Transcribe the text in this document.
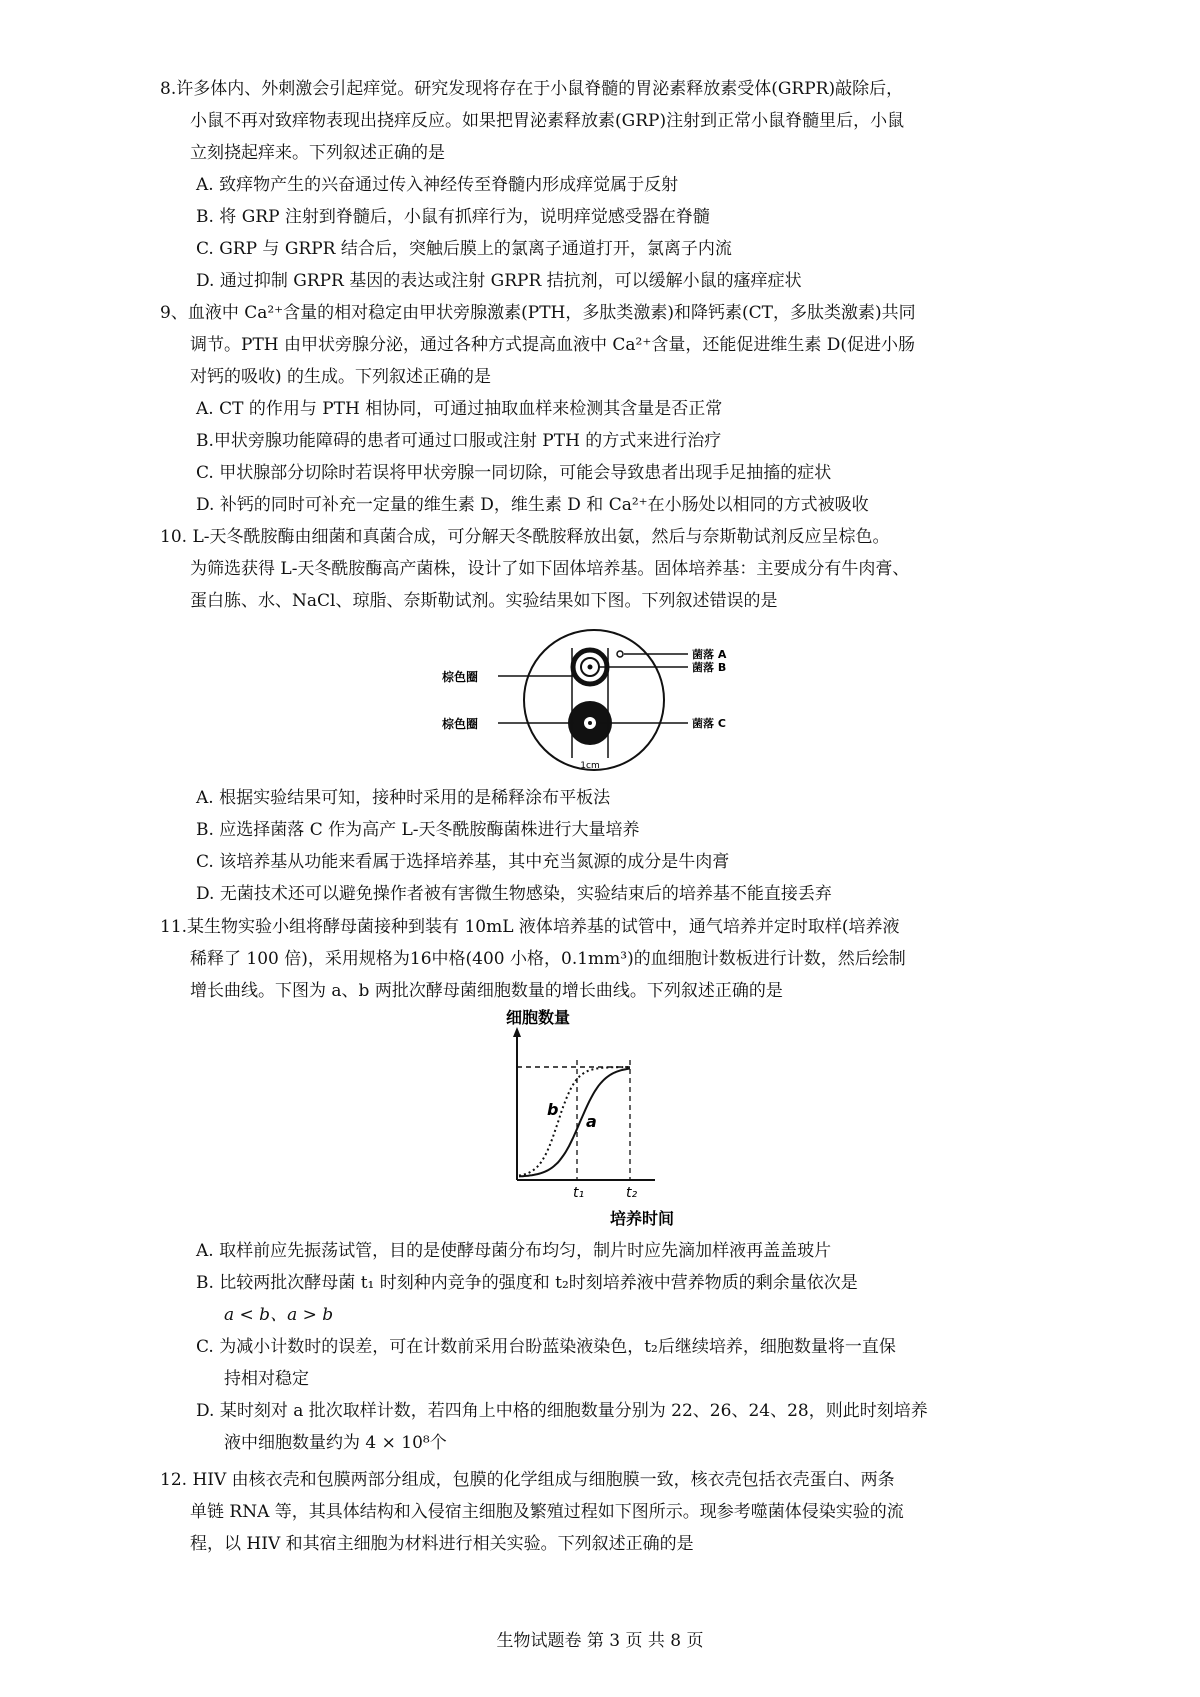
8.许多体内、外刺激会引起痒觉。研究发现将存在于小鼠脊髓的胃泌素释放素受体(GRPR)敲除后，
小鼠不再对致痒物表现出挠痒反应。如果把胃泌素释放素(GRP)注射到正常小鼠脊髓里后，小鼠
立刻挠起痒来。下列叙述正确的是
A. 致痒物产生的兴奋通过传入神经传至脊髓内形成痒觉属于反射
B. 将 GRP 注射到脊髓后，小鼠有抓痒行为，说明痒觉感受器在脊髓
C. GRP 与 GRPR 结合后，突触后膜上的氯离子通道打开，氯离子内流
D. 通过抑制 GRPR 基因的表达或注射 GRPR 拮抗剂，可以缓解小鼠的瘙痒症状
9、血液中 Ca²⁺含量的相对稳定由甲状旁腺激素(PTH，多肽类激素)和降钙素(CT，多肽类激素)共同
调节。PTH 由甲状旁腺分泌，通过各种方式提高血液中 Ca²⁺含量，还能促进维生素 D(促进小肠
对钙的吸收) 的生成。下列叙述正确的是
A. CT 的作用与 PTH 相协同，可通过抽取血样来检测其含量是否正常
B.甲状旁腺功能障碍的患者可通过口服或注射 PTH 的方式来进行治疗
C. 甲状腺部分切除时若误将甲状旁腺一同切除，可能会导致患者出现手足抽搐的症状
D. 补钙的同时可补充一定量的维生素 D，维生素 D 和 Ca²⁺在小肠处以相同的方式被吸收
10. L-天冬酰胺酶由细菌和真菌合成，可分解天冬酰胺释放出氨，然后与奈斯勒试剂反应呈棕色。
为筛选获得 L-天冬酰胺酶高产菌株，设计了如下固体培养基。固体培养基：主要成分有牛肉膏、
蛋白胨、水、NaCl、琼脂、奈斯勒试剂。实验结果如下图。下列叙述错误的是
1cm
棕色圈
棕色圈
菌落 A
菌落 B
菌落 C
A. 根据实验结果可知，接种时采用的是稀释涂布平板法
B. 应选择菌落 C 作为高产 L-天冬酰胺酶菌株进行大量培养
C. 该培养基从功能来看属于选择培养基，其中充当氮源的成分是牛肉膏
D. 无菌技术还可以避免操作者被有害微生物感染，实验结束后的培养基不能直接丢弃
11.某生物实验小组将酵母菌接种到装有 10mL 液体培养基的试管中，通气培养并定时取样(培养液
稀释了 100 倍)，采用规格为16中格(400 小格，0.1mm³)的血细胞计数板进行计数，然后绘制
增长曲线。下图为 a、b 两批次酵母菌细胞数量的增长曲线。下列叙述正确的是
细胞数量
b
a
t₁	t₂
培养时间
A. 取样前应先振荡试管，目的是使酵母菌分布均匀，制片时应先滴加样液再盖盖玻片
B. 比较两批次酵母菌 t₁ 时刻种内竞争的强度和 t₂时刻培养液中营养物质的剩余量依次是
a < b、a > b
C. 为减小计数时的误差，可在计数前采用台盼蓝染液染色，t₂后继续培养，细胞数量将一直保
持相对稳定
D. 某时刻对 a 批次取样计数，若四角上中格的细胞数量分别为 22、26、24、28，则此时刻培养
液中细胞数量约为 4 × 10⁸个
12. HIV 由核衣壳和包膜两部分组成，包膜的化学组成与细胞膜一致，核衣壳包括衣壳蛋白、两条
单链 RNA 等，其具体结构和入侵宿主细胞及繁殖过程如下图所示。现参考噬菌体侵染实验的流
程，以 HIV 和其宿主细胞为材料进行相关实验。下列叙述正确的是
生物试题卷 第 3 页 共 8 页
